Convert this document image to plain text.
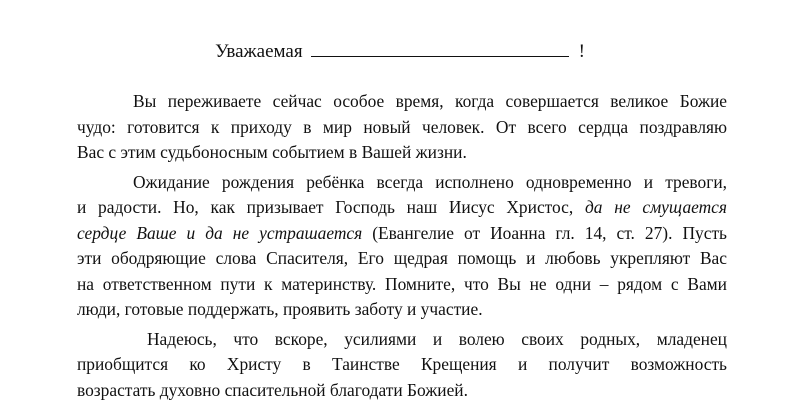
Уважаемая	!
Вы переживаете сейчас особое время, когда совершается великое Божие
чудо: готовится к приходу в мир новый человек. От всего сердца поздравляю
Вас с этим судьбоносным событием в Вашей жизни.
Ожидание рождения ребёнка всегда исполнено одновременно и тревоги,
и радости. Но, как призывает Господь наш Иисус Христос, да не смущается
сердце Ваше и да не устрашается (Евангелие от Иоанна гл. 14, ст. 27). Пусть
эти ободряющие слова Спасителя, Его щедрая помощь и любовь укрепляют Вас
на ответственном пути к материнству. Помните, что Вы не одни – рядом с Вами
люди, готовые поддержать, проявить заботу и участие.
Надеюсь, что вскоре, усилиями и волею своих родных, младенец
приобщится ко Христу в Таинстве Крещения и получит возможность
возрастать духовно спасительной благодати Божией.
